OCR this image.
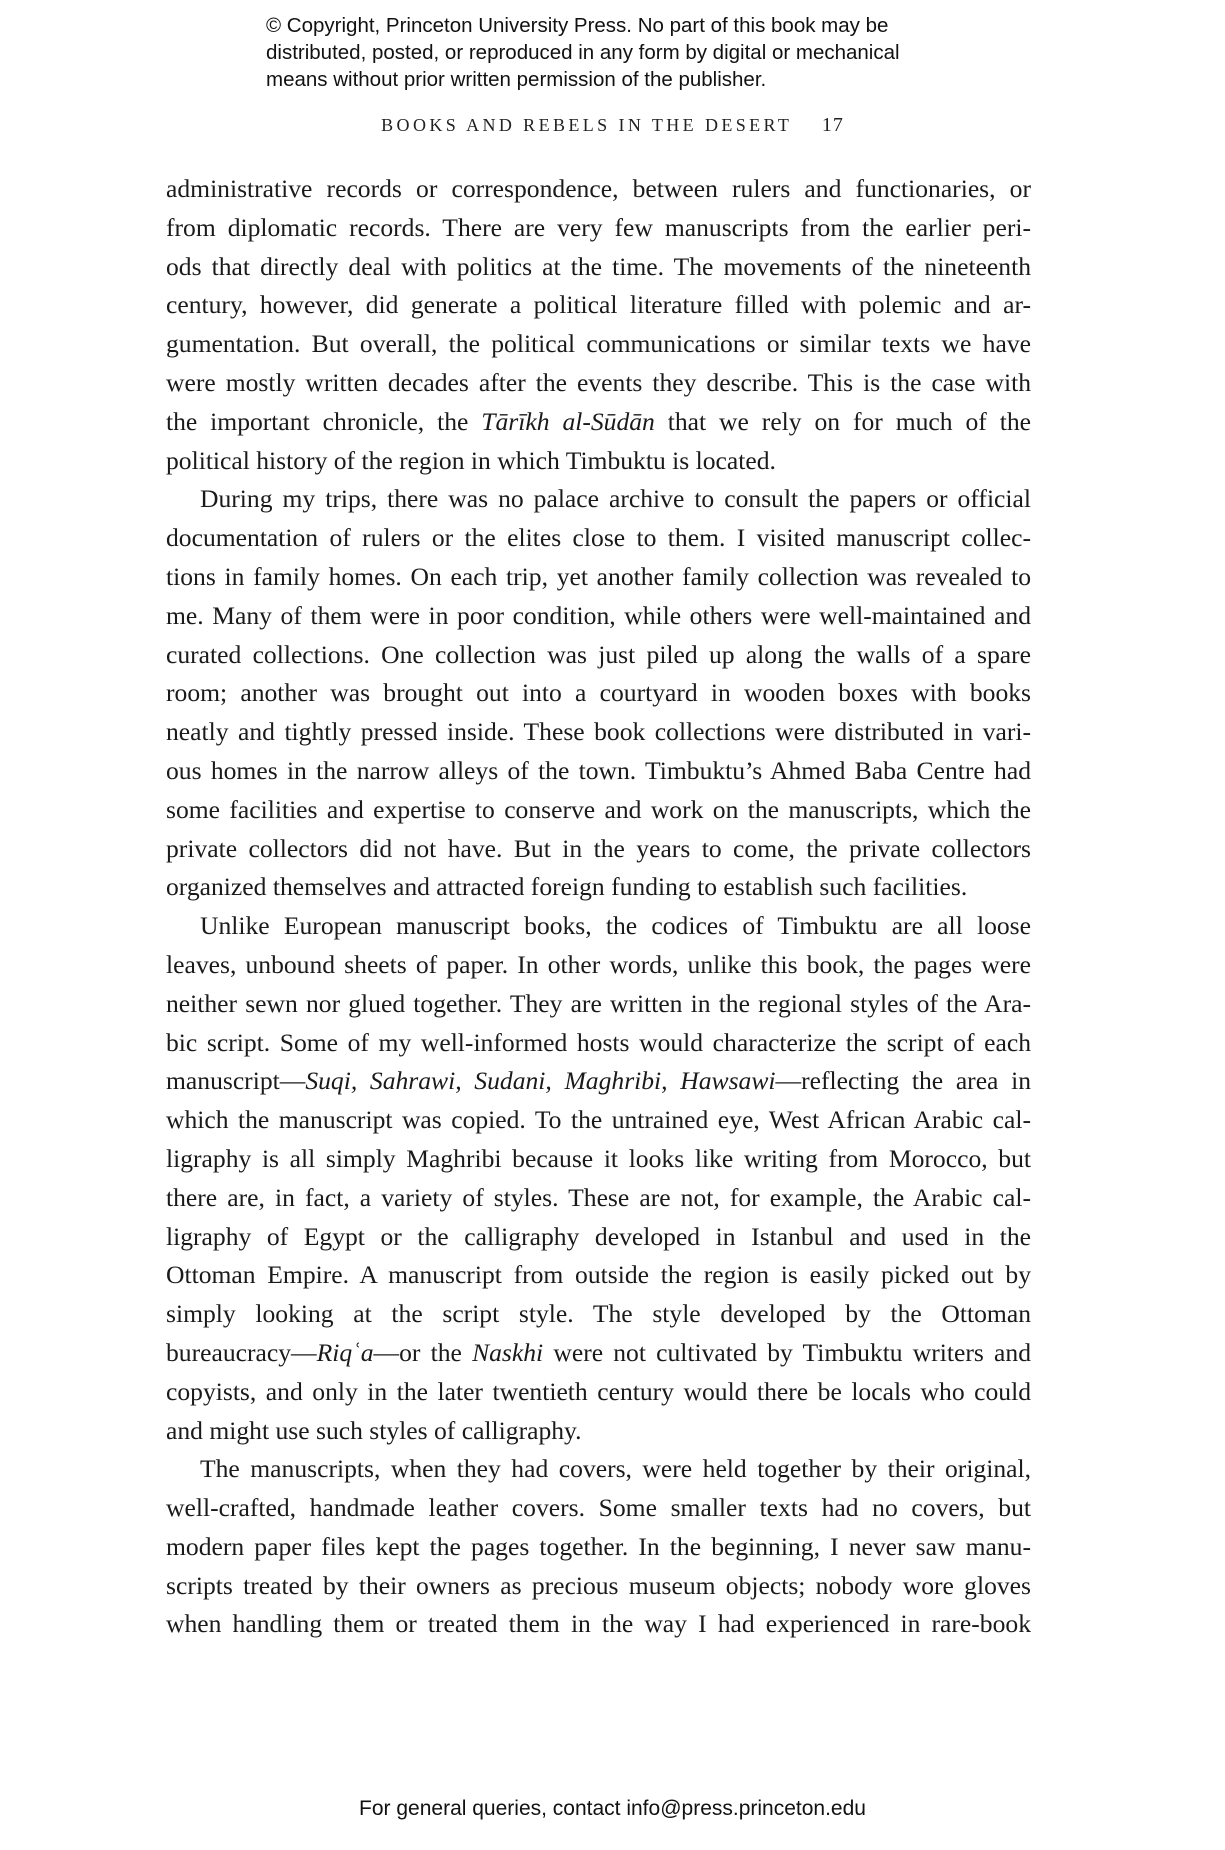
© Copyright, Princeton University Press. No part of this book may be
distributed, posted, or reproduced in any form by digital or mechanical
means without prior written permission of the publisher.
BOOKS AND REBELS IN THE DESERT 17
administrative records or correspondence, between rulers and functionaries, or
from diplomatic records. There are very few manuscripts from the earlier peri-
ods that directly deal with politics at the time. The movements of the nineteenth
century, however, did generate a political literature filled with polemic and ar-
gumentation. But overall, the political communications or similar texts we have
were mostly written decades after the events they describe. This is the case with
the important chronicle, the Tārīkh al-Sūdān that we rely on for much of the
political history of the region in which Timbuktu is located.
During my trips, there was no palace archive to consult the papers or official
documentation of rulers or the elites close to them. I visited manuscript collec-
tions in family homes. On each trip, yet another family collection was revealed to
me. Many of them were in poor condition, while others were well-maintained and
curated collections. One collection was just piled up along the walls of a spare
room; another was brought out into a courtyard in wooden boxes with books
neatly and tightly pressed inside. These book collections were distributed in vari-
ous homes in the narrow alleys of the town. Timbuktu’s Ahmed Baba Centre had
some facilities and expertise to conserve and work on the manuscripts, which the
private collectors did not have. But in the years to come, the private collectors
organized themselves and attracted foreign funding to establish such facilities.
Unlike European manuscript books, the codices of Timbuktu are all loose
leaves, unbound sheets of paper. In other words, unlike this book, the pages were
neither sewn nor glued together. They are written in the regional styles of the Ara-
bic script. Some of my well-informed hosts would characterize the script of each
manuscript—Suqi, Sahrawi, Sudani, Maghribi, Hawsawi—reflecting the area in
which the manuscript was copied. To the untrained eye, West African Arabic cal-
ligraphy is all simply Maghribi because it looks like writing from Morocco, but
there are, in fact, a variety of styles. These are not, for example, the Arabic cal-
ligraphy of Egypt or the calligraphy developed in Istanbul and used in the
Ottoman Empire. A manuscript from outside the region is easily picked out by
simply looking at the script style. The style developed by the Ottoman
bureaucracy—Riqʿa—or the Naskhi were not cultivated by Timbuktu writers and
copyists, and only in the later twentieth century would there be locals who could
and might use such styles of calligraphy.
The manuscripts, when they had covers, were held together by their original,
well-crafted, handmade leather covers. Some smaller texts had no covers, but
modern paper files kept the pages together. In the beginning, I never saw manu-
scripts treated by their owners as precious museum objects; nobody wore gloves
when handling them or treated them in the way I had experienced in rare-book
For general queries, contact info@press.princeton.edu
